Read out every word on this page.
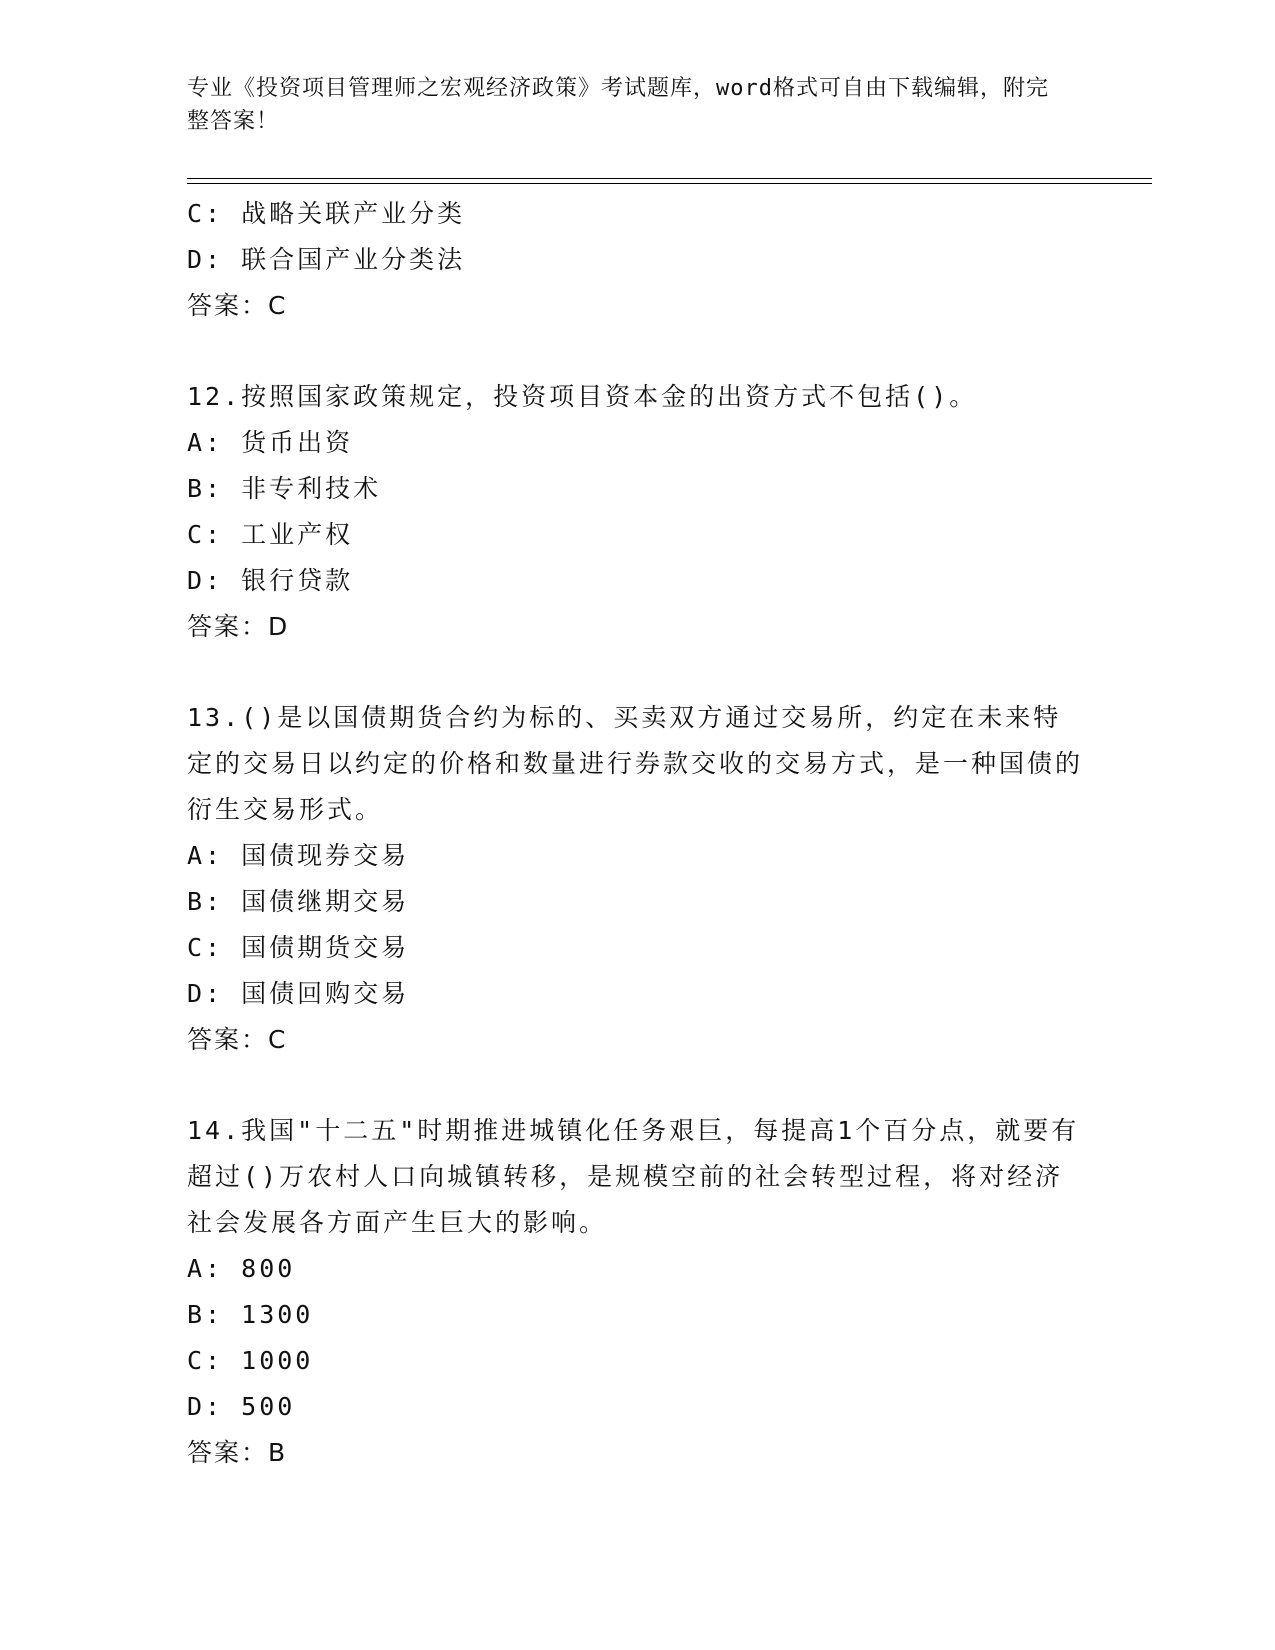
专业《投资项目管理师之宏观经济政策》考试题库，word格式可自由下载编辑，附完整答案！
C: 战略关联产业分类
D: 联合国产业分类法
答案：C

12.按照国家政策规定，投资项目资本金的出资方式不包括()。

A: 货币出资
B: 非专利技术
C: 工业产权
D: 银行贷款
答案：D

13.()是以国债期货合约为标的、买卖双方通过交易所，约定在未来特定的交易日以约定的价格和数量进行券款交收的交易方式，是一种国债的衍生交易形式。

A: 国债现券交易
B: 国债继期交易
C: 国债期货交易
D: 国债回购交易
答案：C

14.我国"十二五"时期推进城镇化任务艰巨，每提高1个百分点，就要有超过()万农村人口向城镇转移，是规模空前的社会转型过程，将对经济社会发展各方面产生巨大的影响。

A: 800
B: 1300
C: 1000
D: 500
答案：B
